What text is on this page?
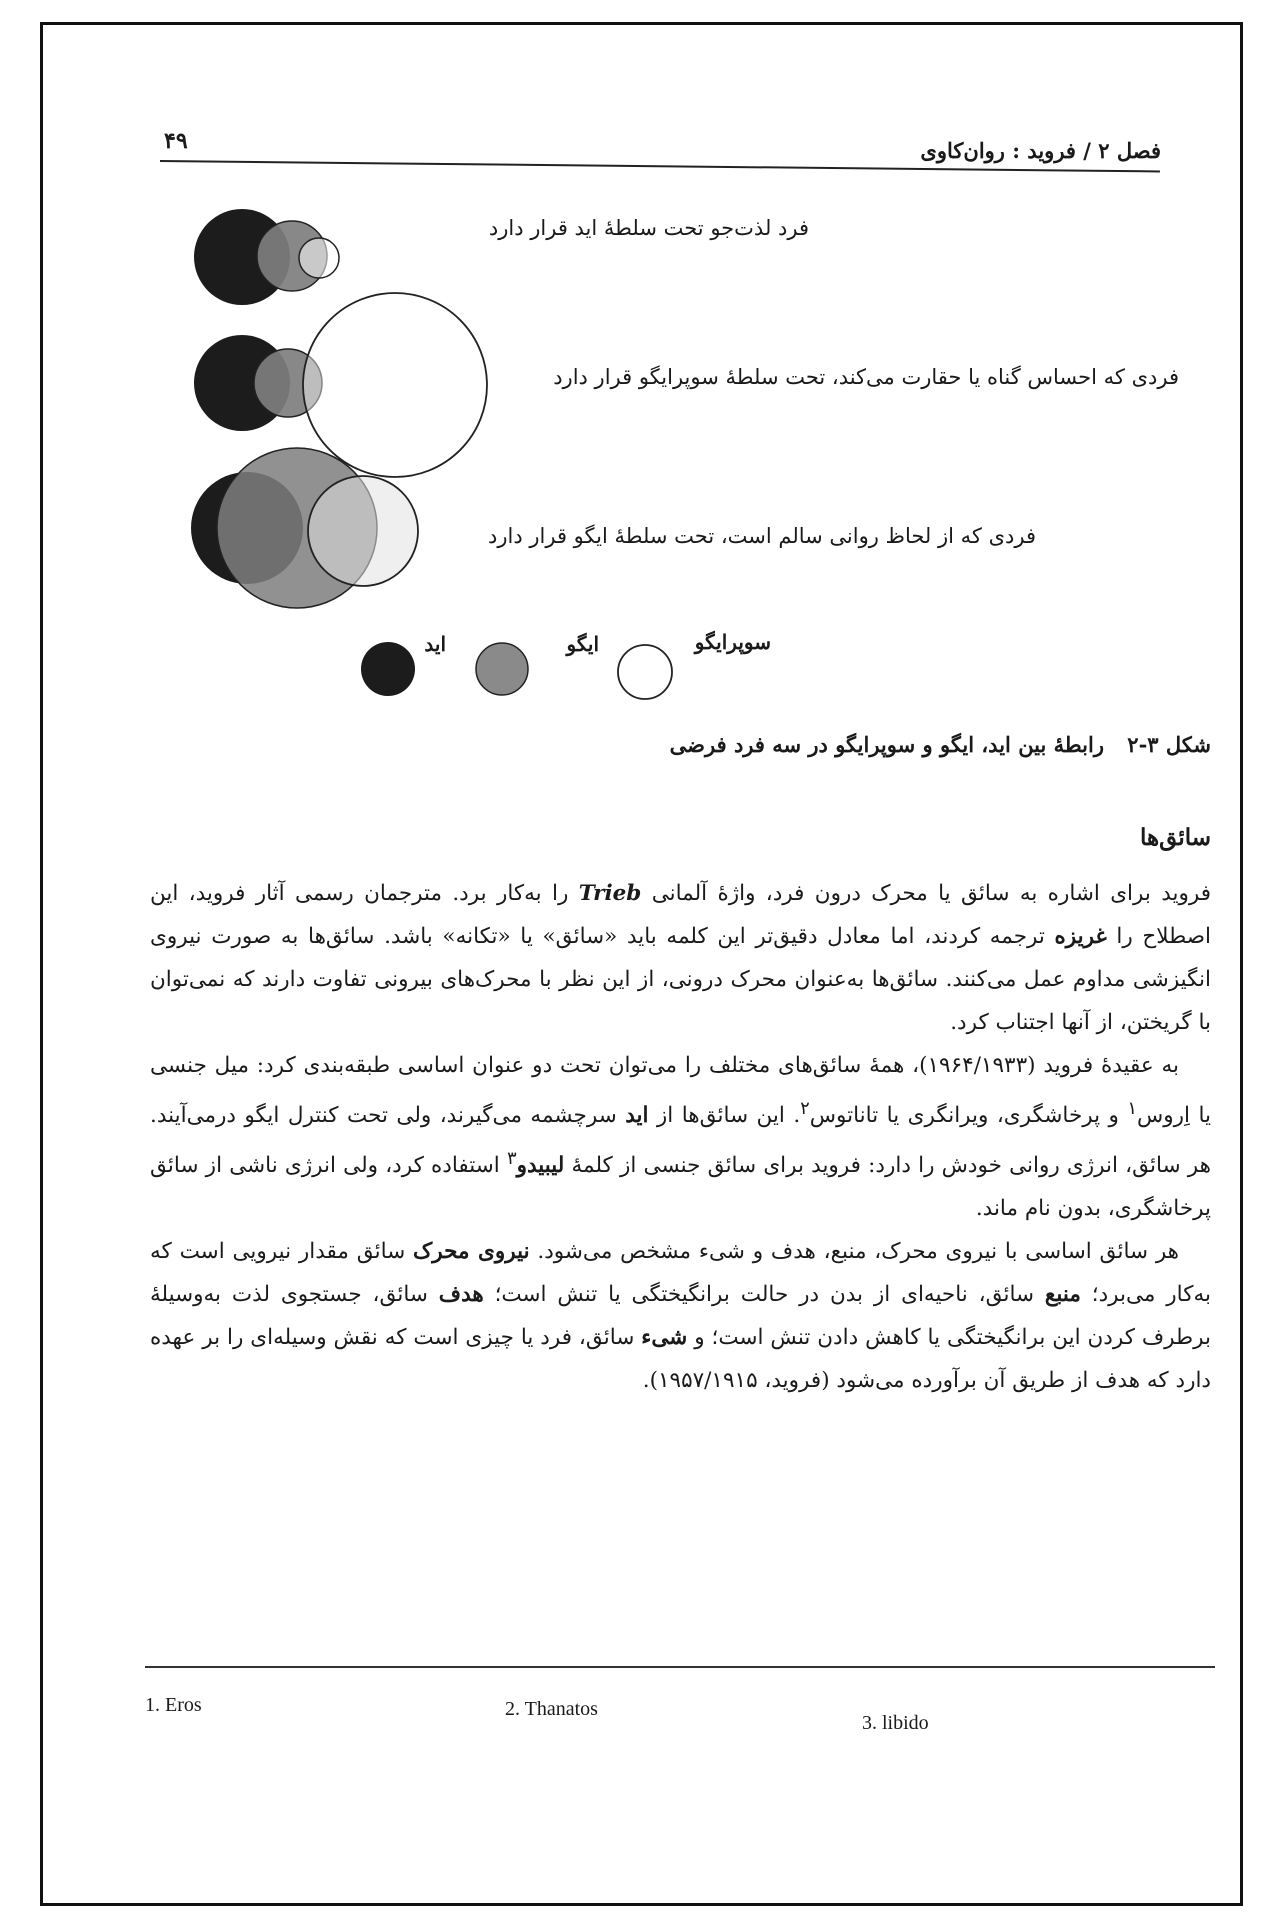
۴۹	فصل ۲ / فروید : روان‌کاوی
فرد لذت‌جو تحت سلطهٔ اید قرار دارد
فردی که احساس گناه یا حقارت می‌کند، تحت سلطهٔ سوپرایگو قرار دارد
فردی که از لحاظ روانی سالم است، تحت سلطهٔ ایگو قرار دارد
اید	ایگو	سوپرایگو
شکل ۳-۲ رابطهٔ بین اید، ایگو و سوپرایگو در سه فرد فرضی
سائق‌ها

فروید برای اشاره به سائق یا محرک درون فرد، واژهٔ آلمانی Trieb را به‌کار برد. مترجمان رسمی آثار فروید، این اصطلاح را غریزه ترجمه کردند، اما معادل دقیق‌تر این کلمه باید «سائق» یا «تکانه» باشد. سائق‌ها به صورت نیروی انگیزشی مداوم عمل می‌کنند. سائق‌ها به‌عنوان محرک درونی، از این نظر با محرک‌های بیرونی تفاوت دارند که نمی‌توان با گریختن، از آنها اجتناب کرد.

به عقیدهٔ فروید (۱۹۶۴/۱۹۳۳)، همهٔ سائق‌های مختلف را می‌توان تحت دو عنوان اساسی طبقه‌بندی کرد: میل جنسی یا اِروس$^۱$ و پرخاشگری، ویرانگری یا تاناتوس$^۲$. این سائق‌ها از اید سرچشمه می‌گیرند، ولی تحت کنترل ایگو درمی‌آیند. هر سائق، انرژی روانی خودش را دارد: فروید برای سائق جنسی از کلمهٔ لیبیدو$^۳$ استفاده کرد، ولی انرژی ناشی از سائق پرخاشگری، بدون نام ماند.

هر سائق اساسی با نیروی محرک، منبع، هدف و شیء مشخص می‌شود. نیروی محرک سائق مقدار نیرویی است که به‌کار می‌برد؛ منبع سائق، ناحیه‌ای از بدن در حالت برانگیختگی یا تنش است؛ هدف سائق، جستجوی لذت به‌وسیلهٔ برطرف کردن این برانگیختگی یا کاهش دادن تنش است؛ و شیء سائق، فرد یا چیزی است که نقش وسیله‌ای را بر عهده دارد که هدف از طریق آن برآورده می‌شود (فروید، ۱۹۵۷/۱۹۱۵).

1. Eros	2. Thanatos
3. libido
